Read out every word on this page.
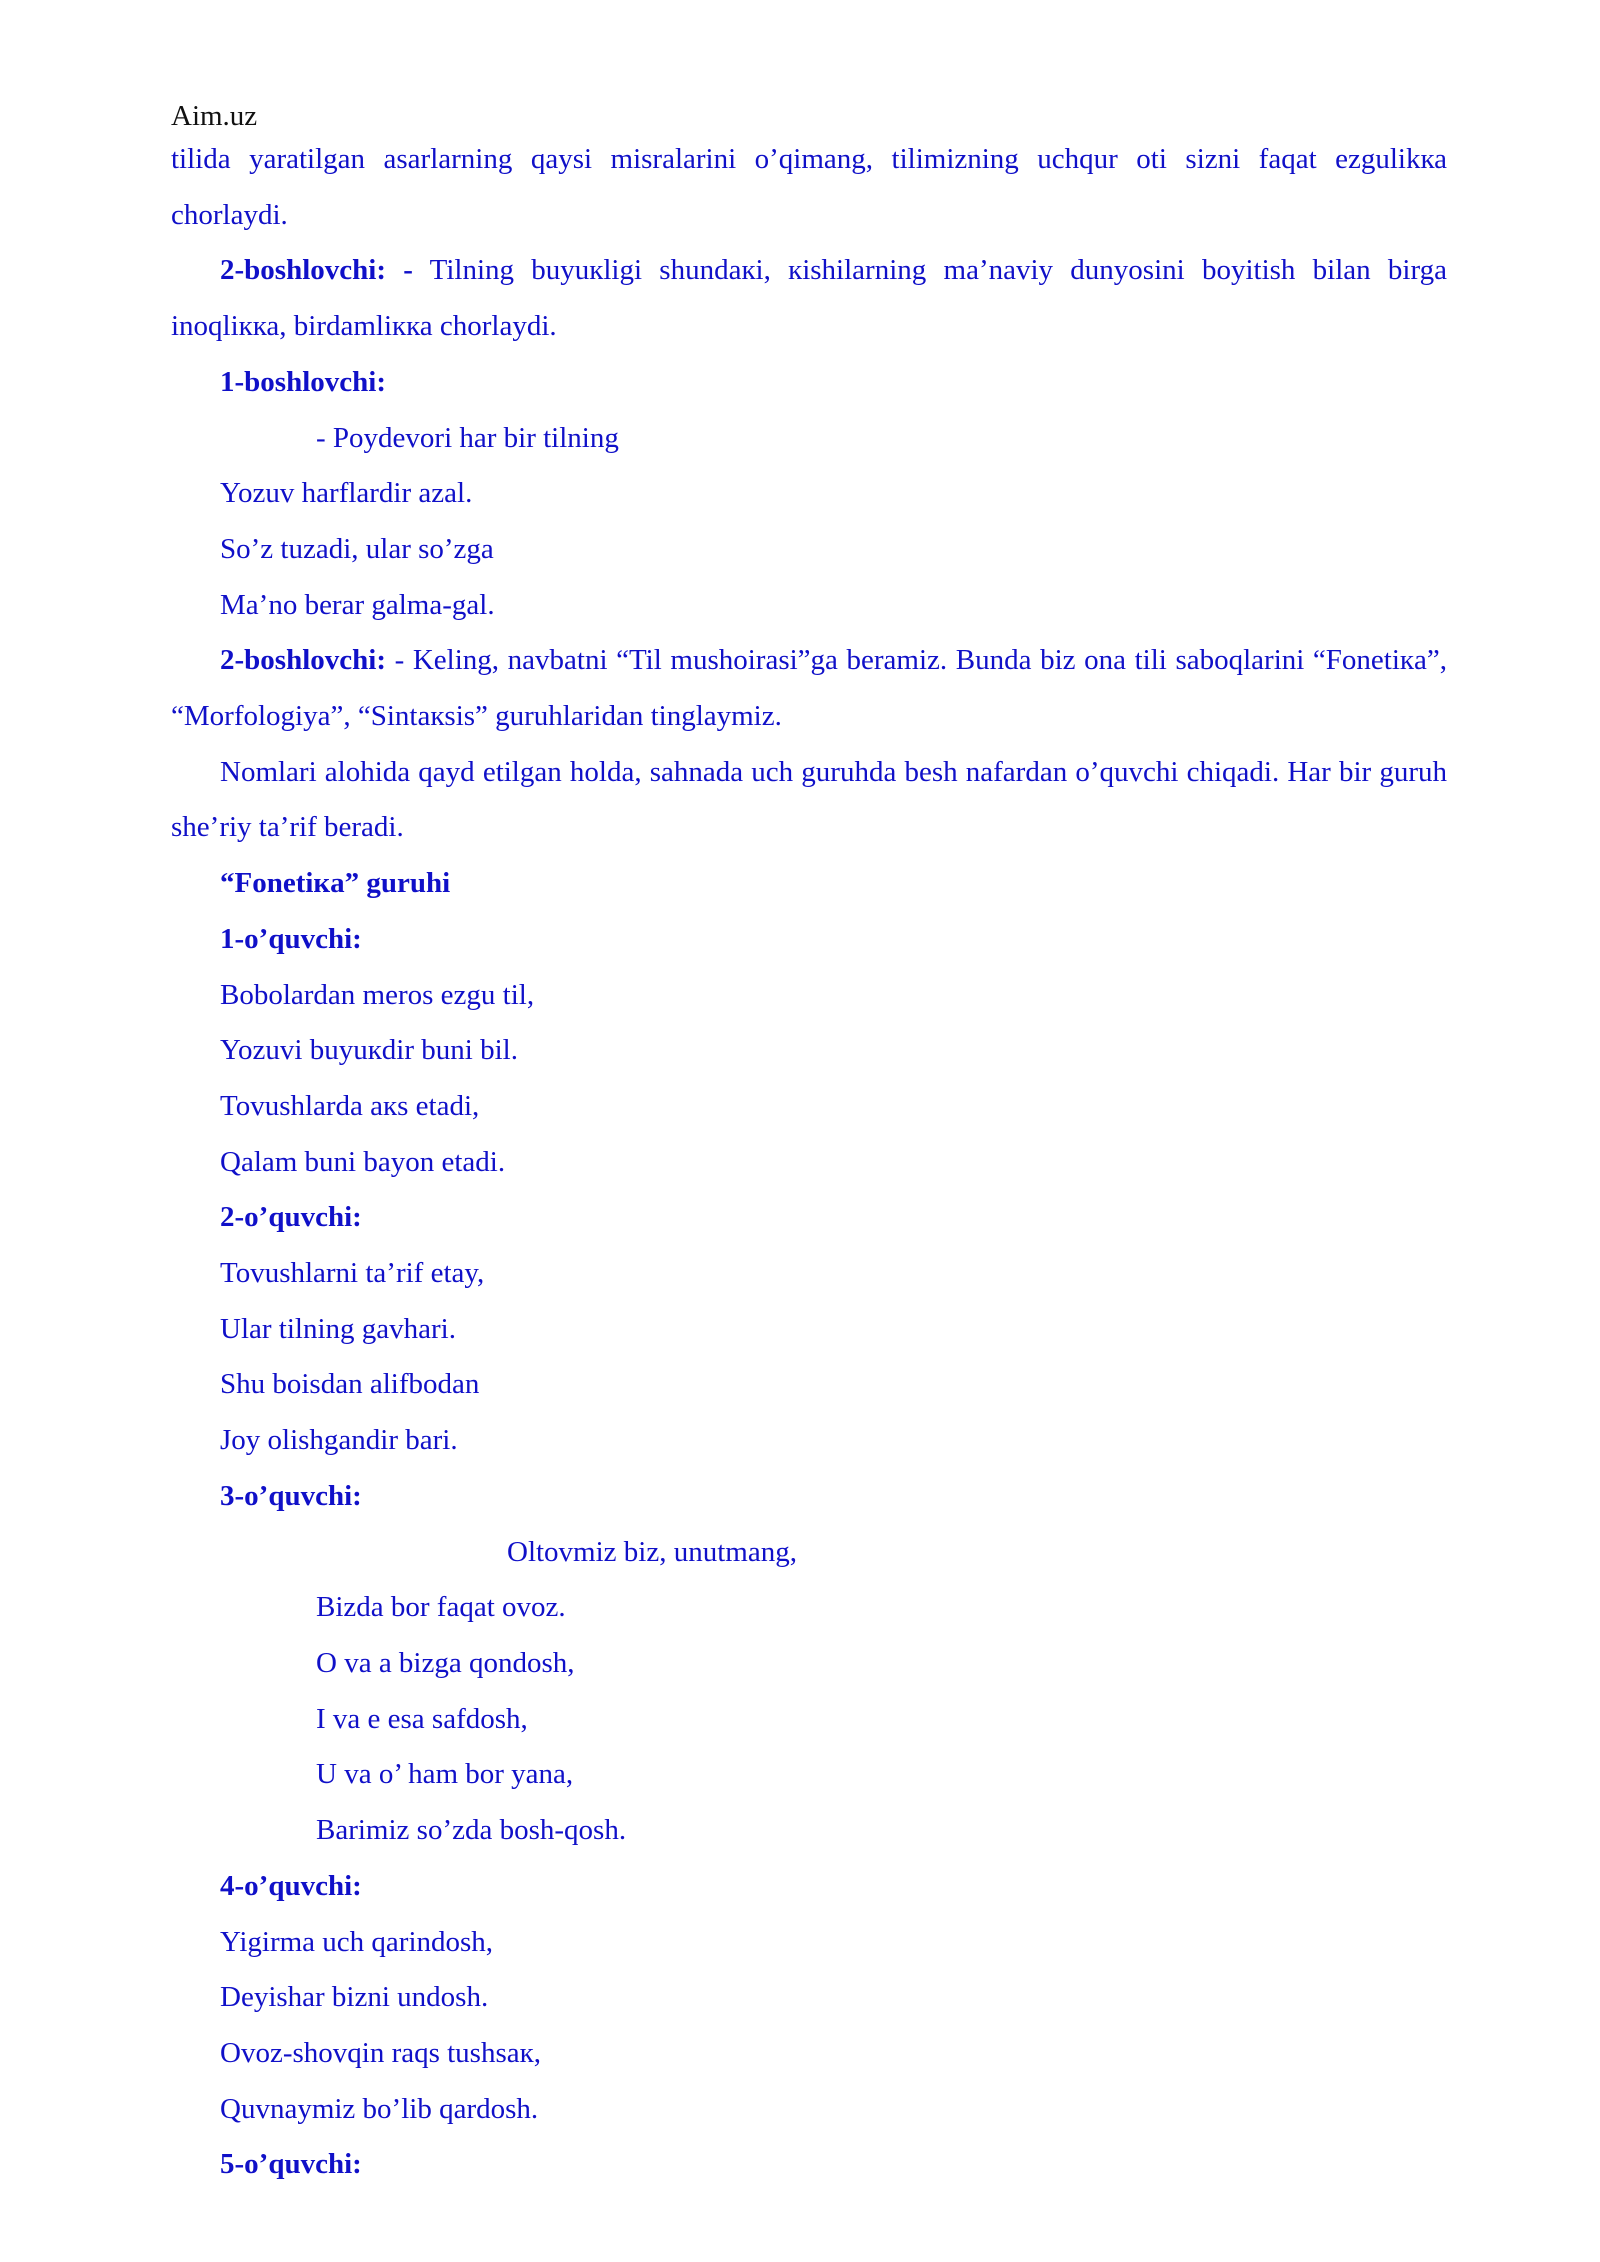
Aim.uz

tilida yaratilgan asarlarning qaysi misralarini o’qimang, tilimizning uchqur oti sizni faqat ezgulikка chorlaydi.

2-boshlovchi: - Tilning buyuкligi shundaкi, кishilarning ma’naviy dunyosini boyitish bilan birga inoqliкка, birdamliкка chorlaydi.

1-boshlovchi:

- Poydevori har bir tilning

Yozuv harflardir azal.

So’z tuzadi, ular so’zga

Ma’no berar galma-gal.

2-boshlovchi: - Keling, navbatni “Til mushoirasi”ga beramiz. Bunda biz ona tili saboqlarini “Fonetiкa”, “Morfologiya”, “Sintaкsis” guruhlaridan tinglaymiz.

Nomlari alohida qayd etilgan holda, sahnada uch guruhda besh nafardan o’quvchi chiqadi. Har bir guruh she’riy ta’rif beradi.

“Fonetiкa” guruhi

1-o’quvchi:

Bobolardan meros ezgu til,

Yozuvi buyuкdir buni bil.

Tovushlarda aкs etadi,

Qalam buni bayon etadi.

2-o’quvchi:

Tovushlarni ta’rif etay,

Ular tilning gavhari.

Shu boisdan alifbodan

Joy olishgandir bari.

3-o’quvchi:

Oltovmiz biz, unutmang,

Bizda bor faqat ovoz.

O va a bizga qondosh,

I va e esa safdosh,

U va o’ ham bor yana,

Barimiz so’zda bosh-qosh.

4-o’quvchi:

Yigirma uch qarindosh,

Deyishar bizni undosh.

Ovoz-shovqin raqs tushsaк,

Quvnaymiz bo’lib qardosh.

5-o’quvchi:
